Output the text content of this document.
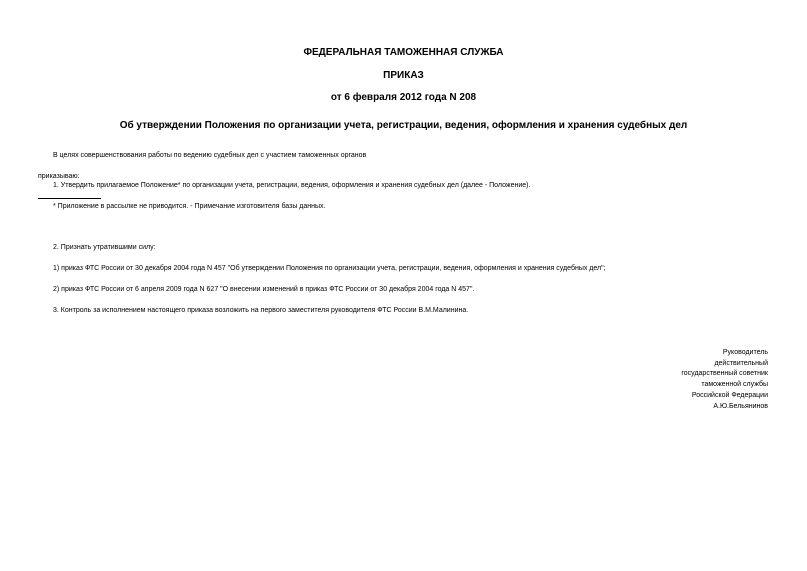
ФЕДЕРАЛЬНАЯ ТАМОЖЕННАЯ СЛУЖБА
ПРИКАЗ
от 6 февраля 2012 года N 208
Об утверждении Положения по организации учета, регистрации, ведения, оформления и хранения судебных дел
В целях совершенствования работы по ведению судебных дел с участием таможенных органов
приказываю:
1. Утвердить прилагаемое Положение* по организации учета, регистрации, ведения, оформления и хранения судебных дел (далее - Положение).
* Приложение в рассылке не приводится. - Примечание изготовителя базы данных.
2. Признать утратившими силу:
1) приказ ФТС России от 30 декабря 2004 года N 457 "Об утверждении Положения по организации учета, регистрации, ведения, оформления и хранения судебных дел";
2) приказ ФТС России от 6 апреля 2009 года N 627 "О внесении изменений в приказ ФТС России от 30 декабря 2004 года N 457".
3. Контроль за исполнением настоящего приказа возложить на первого заместителя руководителя ФТС России В.М.Малинина.
Руководитель
действительный
государственный советник
таможенной службы
Российской Федерации
А.Ю.Бельянинов
